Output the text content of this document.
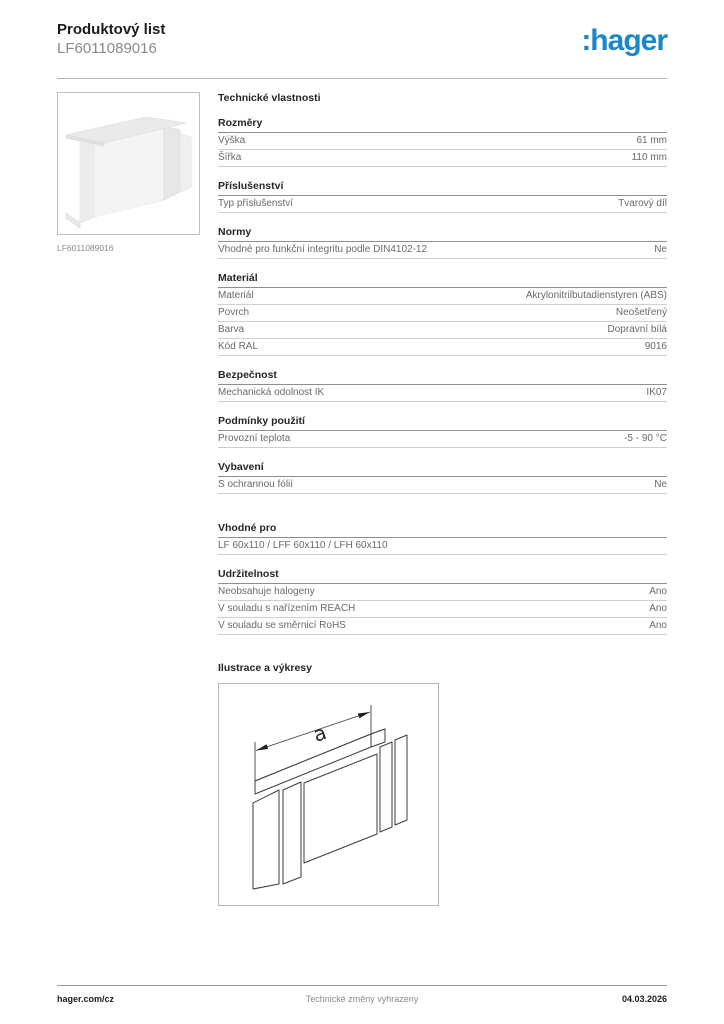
Produktový list
LF6011089016	:hager
LF6011089016
Technické vlastnosti
Rozměry
Výška	61 mm
Šířka	110 mm
Příslušenství
Typ příslušenství	Tvarový díl
Normy
Vhodné pro funkční integritu podle DIN4102-12	Ne
Materiál
Materiál	Akrylonitrilbutadienstyren (ABS)
Povrch	Neošetřený
Barva	Dopravní bílá
Kód RAL	9016
Bezpečnost
Mechanická odolnost IK	IK07
Podmínky použití
Provozní teplota	-5 - 90 °C
Vybavení
S ochrannou fólií	Ne
Vhodné pro
LF 60x110 / LFF 60x110 / LFH 60x110
Udržitelnost
Neobsahuje halogeny	Ano
V souladu s nařízením REACH	Ano
V souladu se směrnicí RoHS	Ano
Ilustrace a výkresy
a
Technické změny vyhrazeny
hager.com/cz	04.03.2026
